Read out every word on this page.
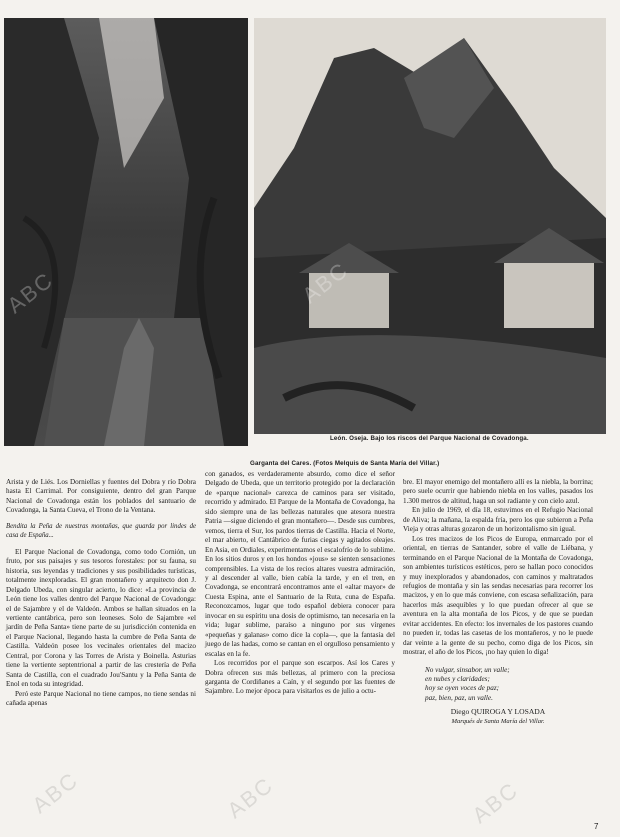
ABC	ABC
León. Oseja. Bajo los riscos del Parque Nacional de Covadonga.
Garganta del Cares. (Fotos Melquis de Santa María del Villar.)

Arista y de Liés. Los Dorniellas y fuentes del Dobra y río Dobra hasta El Carrimal. Por consiguiente, dentro del gran Parque Nacional de Covadonga están los poblados del santuario de Covadonga, la Santa Cueva, el Trono de la Ventana.

Bendita la Peña de nuestras montañas, que guarda por lindes de casa de España...

El Parque Nacional de Covadonga, como todo Cornión, un fruto, por sus paisajes y sus tesoros forestales: por su fauna, su historia, sus leyendas y tradiciones y sus posibilidades turísticas, totalmente inexploradas. El gran montañero y arquitecto don J. Delgado Ubeda, con singular acierto, lo dice: «La provincia de León tiene los valles dentro del Parque Nacional de Covadonga: el de Sajambre y el de Valdeón. Ambos se hallan situados en la vertiente cantábrica, pero son leoneses. Solo de Sajambre «el jardín de Peña Santa» tiene parte de su jurisdicción contenida en el Parque Nacional, llegando hasta la cumbre de Peña Santa de Castilla. Valdeón posee los vecinales orientales del macizo Central, por Corona y las Torres de Arista y Boinella. Asturias tiene la vertiente septentrional a partir de las crestería de Peña Santa de Castilla, con el cuadrado Jou'Santu y la Peña Santa de Enol en toda su integridad.

Peró este Parque Nacional no tiene campos, no tiene sendas ni cañada apenas

con ganados, es verdaderamente absurdo, como dice el señor Delgado de Ubeda, que un territorio protegido por la declaración de «parque nacional» carezca de caminos para ser visitado, recorrido y admirado. El Parque de la Montaña de Covadonga, ha sido siempre una de las bellezas naturales que atesora nuestra Patria —sigue diciendo el gran montañero—. Desde sus cumbres, vemos, tierra el Sur, los pardos tierras de Castilla. Hacia el Norte, el mar abierto, el Cantábrico de furias ciegas y agitados oleajes. En Asia, en Ordiales, experimentamos el escalofrío de lo sublime. En los sitios duros y en los hondos «jous» se sienten sensaciones comprensibles. La vista de los recios altares vuestra admiración, y al descender al valle, bien cabía la tarde, y en el tren, en Covadonga, se encontrará encontramos ante el «altar mayor» de Cuesta Espina, ante el Santuario de la Ruta, cuna de España. Reconozcamos, lugar que todo español debiera conocer para invocar en su espíritu una dosis de optimismo, tan necesaria en la vida; lugar sublime, paraíso a ninguno por sus vírgenes «pequeñas y galanas» como dice la copla—, que la fantasía del juego de las hadas, como se cantan en el orgulloso pensamiento y escalas en la fe.

Los recorridos por el parque son escarpos. Así los Cares y Dobra ofrecen sus más bellezas, al primero con la preciosa garganta de Cordiñanes a Caín, y el segundo por las fuentes de Sajambre. Lo mejor época para visitarlos es de julio a octu-

bre. El mayor enemigo del montañero allí es la niebla, la borrina; pero suele ocurrir que habiendo niebla en los valles, pasados los 1.300 metros de altitud, haga un sol radiante y con cielo azul.

En julio de 1969, el día 18, estuvimos en el Refugio Nacional de Aliva; la mañana, la espalda fría, pero los que subieron a Peña Vieja y otras alturas gozaron de un horizontalismo sin igual.

Los tres macizos de los Picos de Europa, enmarcado por el oriental, en tierras de Santander, sobre el valle de Liébana, y terminando en el Parque Nacional de la Montaña de Covadonga, son ambientes turísticos estéticos, pero se hallan poco conocidos y muy inexplorados y abandonados, con caminos y maltratados refugios de montaña y sin las sendas necesarias para recorrer los macizos, y en lo que más conviene, con escasa señalización, para hacerlos más asequibles y lo que puedan ofrecer al que se aventura en la alta montaña de los Picos, y de que se puedan evitar accidentes. En efecto: los invernales de los pastores cuando no pueden ir, todas las casetas de los montañeros, y no le puede dar veinte a la gente de su pecho, como diga de los Picos, sin mostrar, el año de los Picos, ¡no hay quien lo diga!

No vulgar, sinsabor, un valle;
en nubes y claridades;
hoy se oyen voces de paz;
paz, bien, paz, un valle.
Diego QUIROGA Y LOSADA
Marqués de Santa María del Villar.
ABC	ABC	ABC	7
